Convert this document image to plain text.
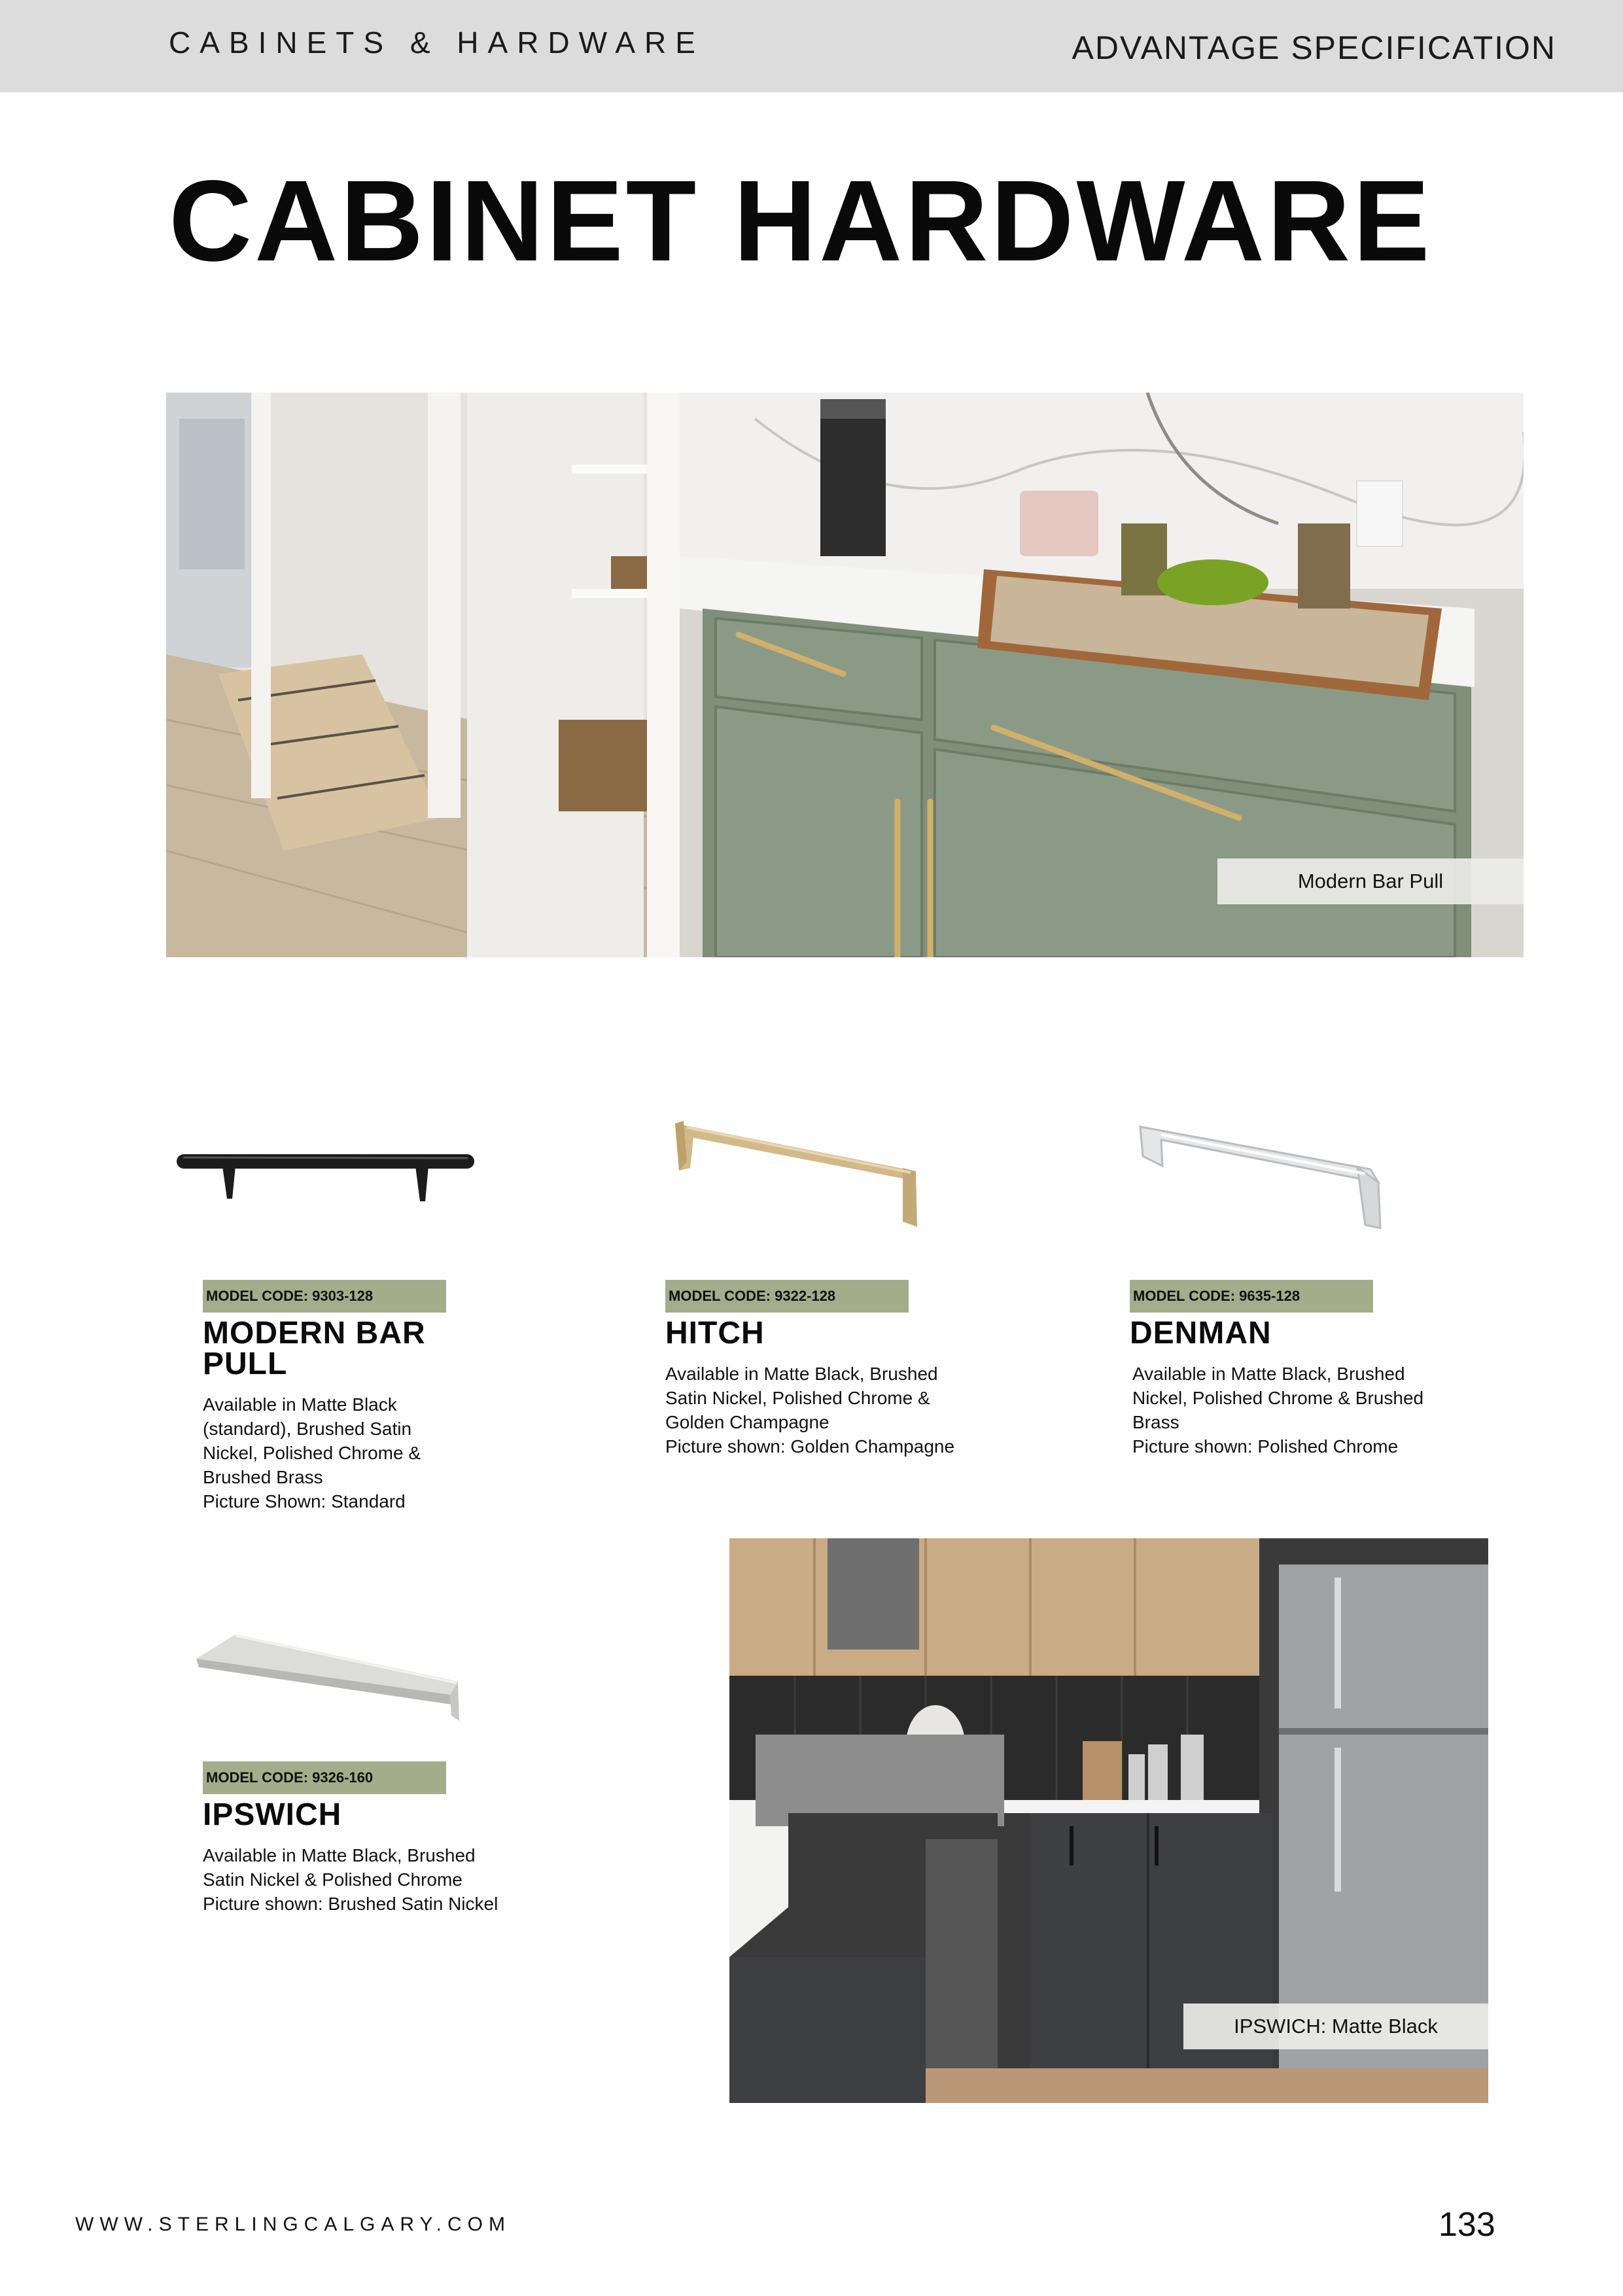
CABINETS & HARDWARE	ADVANTAGE SPECIFICATION
CABINET HARDWARE
Modern Bar Pull
MODEL CODE: 9303-128
MODERN BAR PULL
Available in Matte Black (standard), Brushed Satin Nickel, Polished Chrome & Brushed Brass
Picture Shown: Standard
MODEL CODE: 9322-128
HITCH
Available in Matte Black, Brushed Satin Nickel, Polished Chrome & Golden Champagne
Picture shown: Golden Champagne
MODEL CODE: 9635-128
DENMAN
Available in Matte Black, Brushed Nickel, Polished Chrome & Brushed Brass
Picture shown: Polished Chrome
MODEL CODE: 9326-160
IPSWICH
Available in Matte Black, Brushed Satin Nickel & Polished Chrome
Picture shown: Brushed Satin Nickel
IPSWICH: Matte Black
WWW.STERLINGCALGARY.COM	133
